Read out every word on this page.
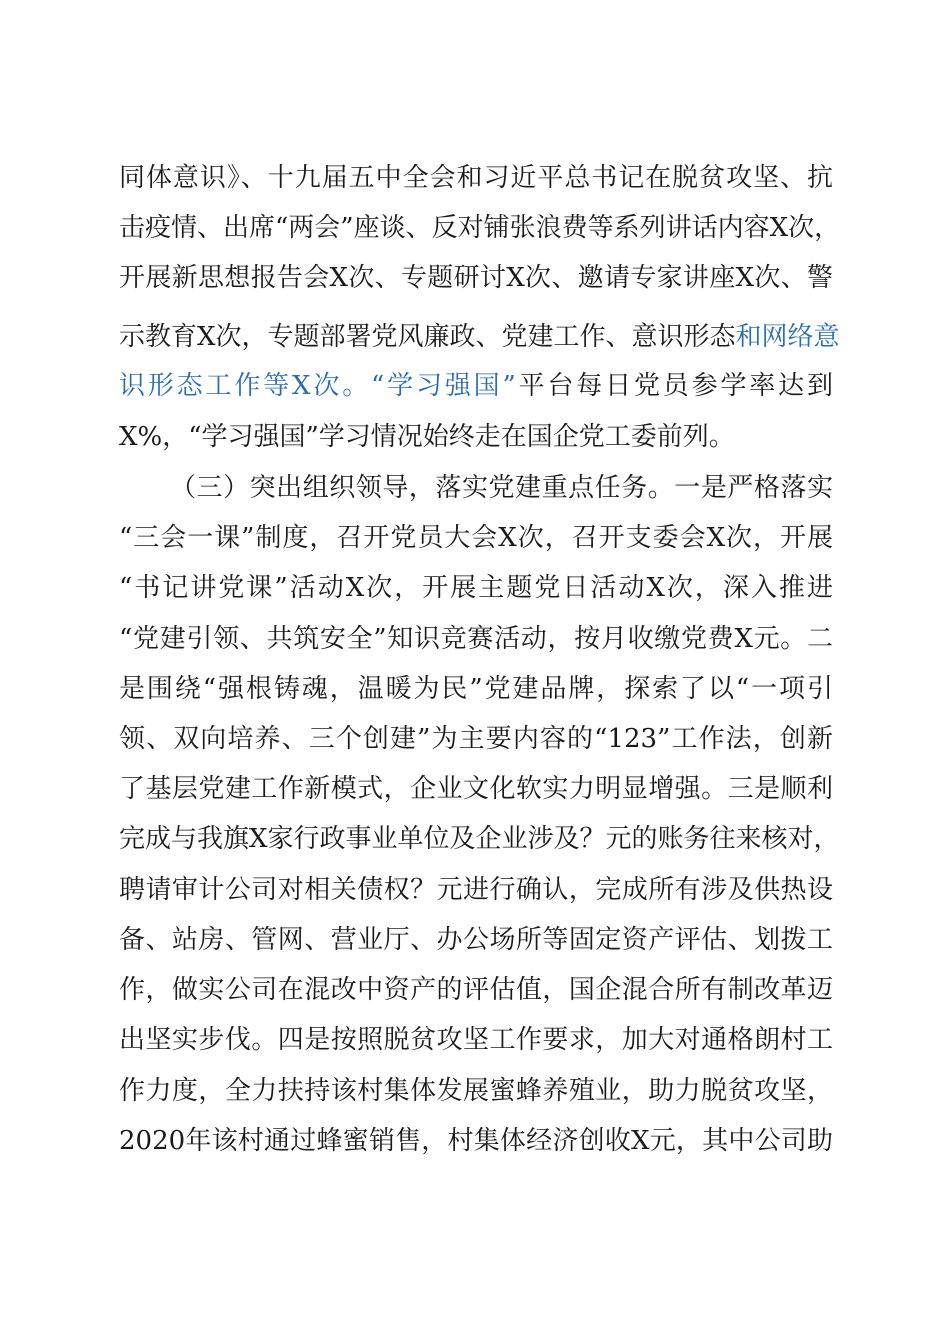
同体意识》、十九届五中全会和习近平总书记在脱贫攻坚、抗
击疫情、出席“两会”座谈、反对铺张浪费等系列讲话内容X次，
开展新思想报告会X次、专题研讨X次、邀请专家讲座X次、警
示教育X次，专题部署党风廉政、党建工作、意识形态和网络意
识形态工作等X次。“学习强国”平台每日党员参学率达到
X%，“学习强国”学习情况始终走在国企党工委前列。
（三）突出组织领导，落实党建重点任务。一是严格落实
“三会一课”制度，召开党员大会X次，召开支委会X次，开展
“书记讲党课”活动X次，开展主题党日活动X次，深入推进
“党建引领、共筑安全”知识竞赛活动，按月收缴党费X元。二
是围绕“强根铸魂，温暖为民”党建品牌，探索了以“一项引
领、双向培养、三个创建”为主要内容的“123”工作法，创新
了基层党建工作新模式，企业文化软实力明显增强。三是顺利
完成与我旗X家行政事业单位及企业涉及？元的账务往来核对，
聘请审计公司对相关债权？元进行确认，完成所有涉及供热设
备、站房、管网、营业厅、办公场所等固定资产评估、划拨工
作，做实公司在混改中资产的评估值，国企混合所有制改革迈
出坚实步伐。四是按照脱贫攻坚工作要求，加大对通格朗村工
作力度，全力扶持该村集体发展蜜蜂养殖业，助力脱贫攻坚，
2020年该村通过蜂蜜销售，村集体经济创收X元，其中公司助
